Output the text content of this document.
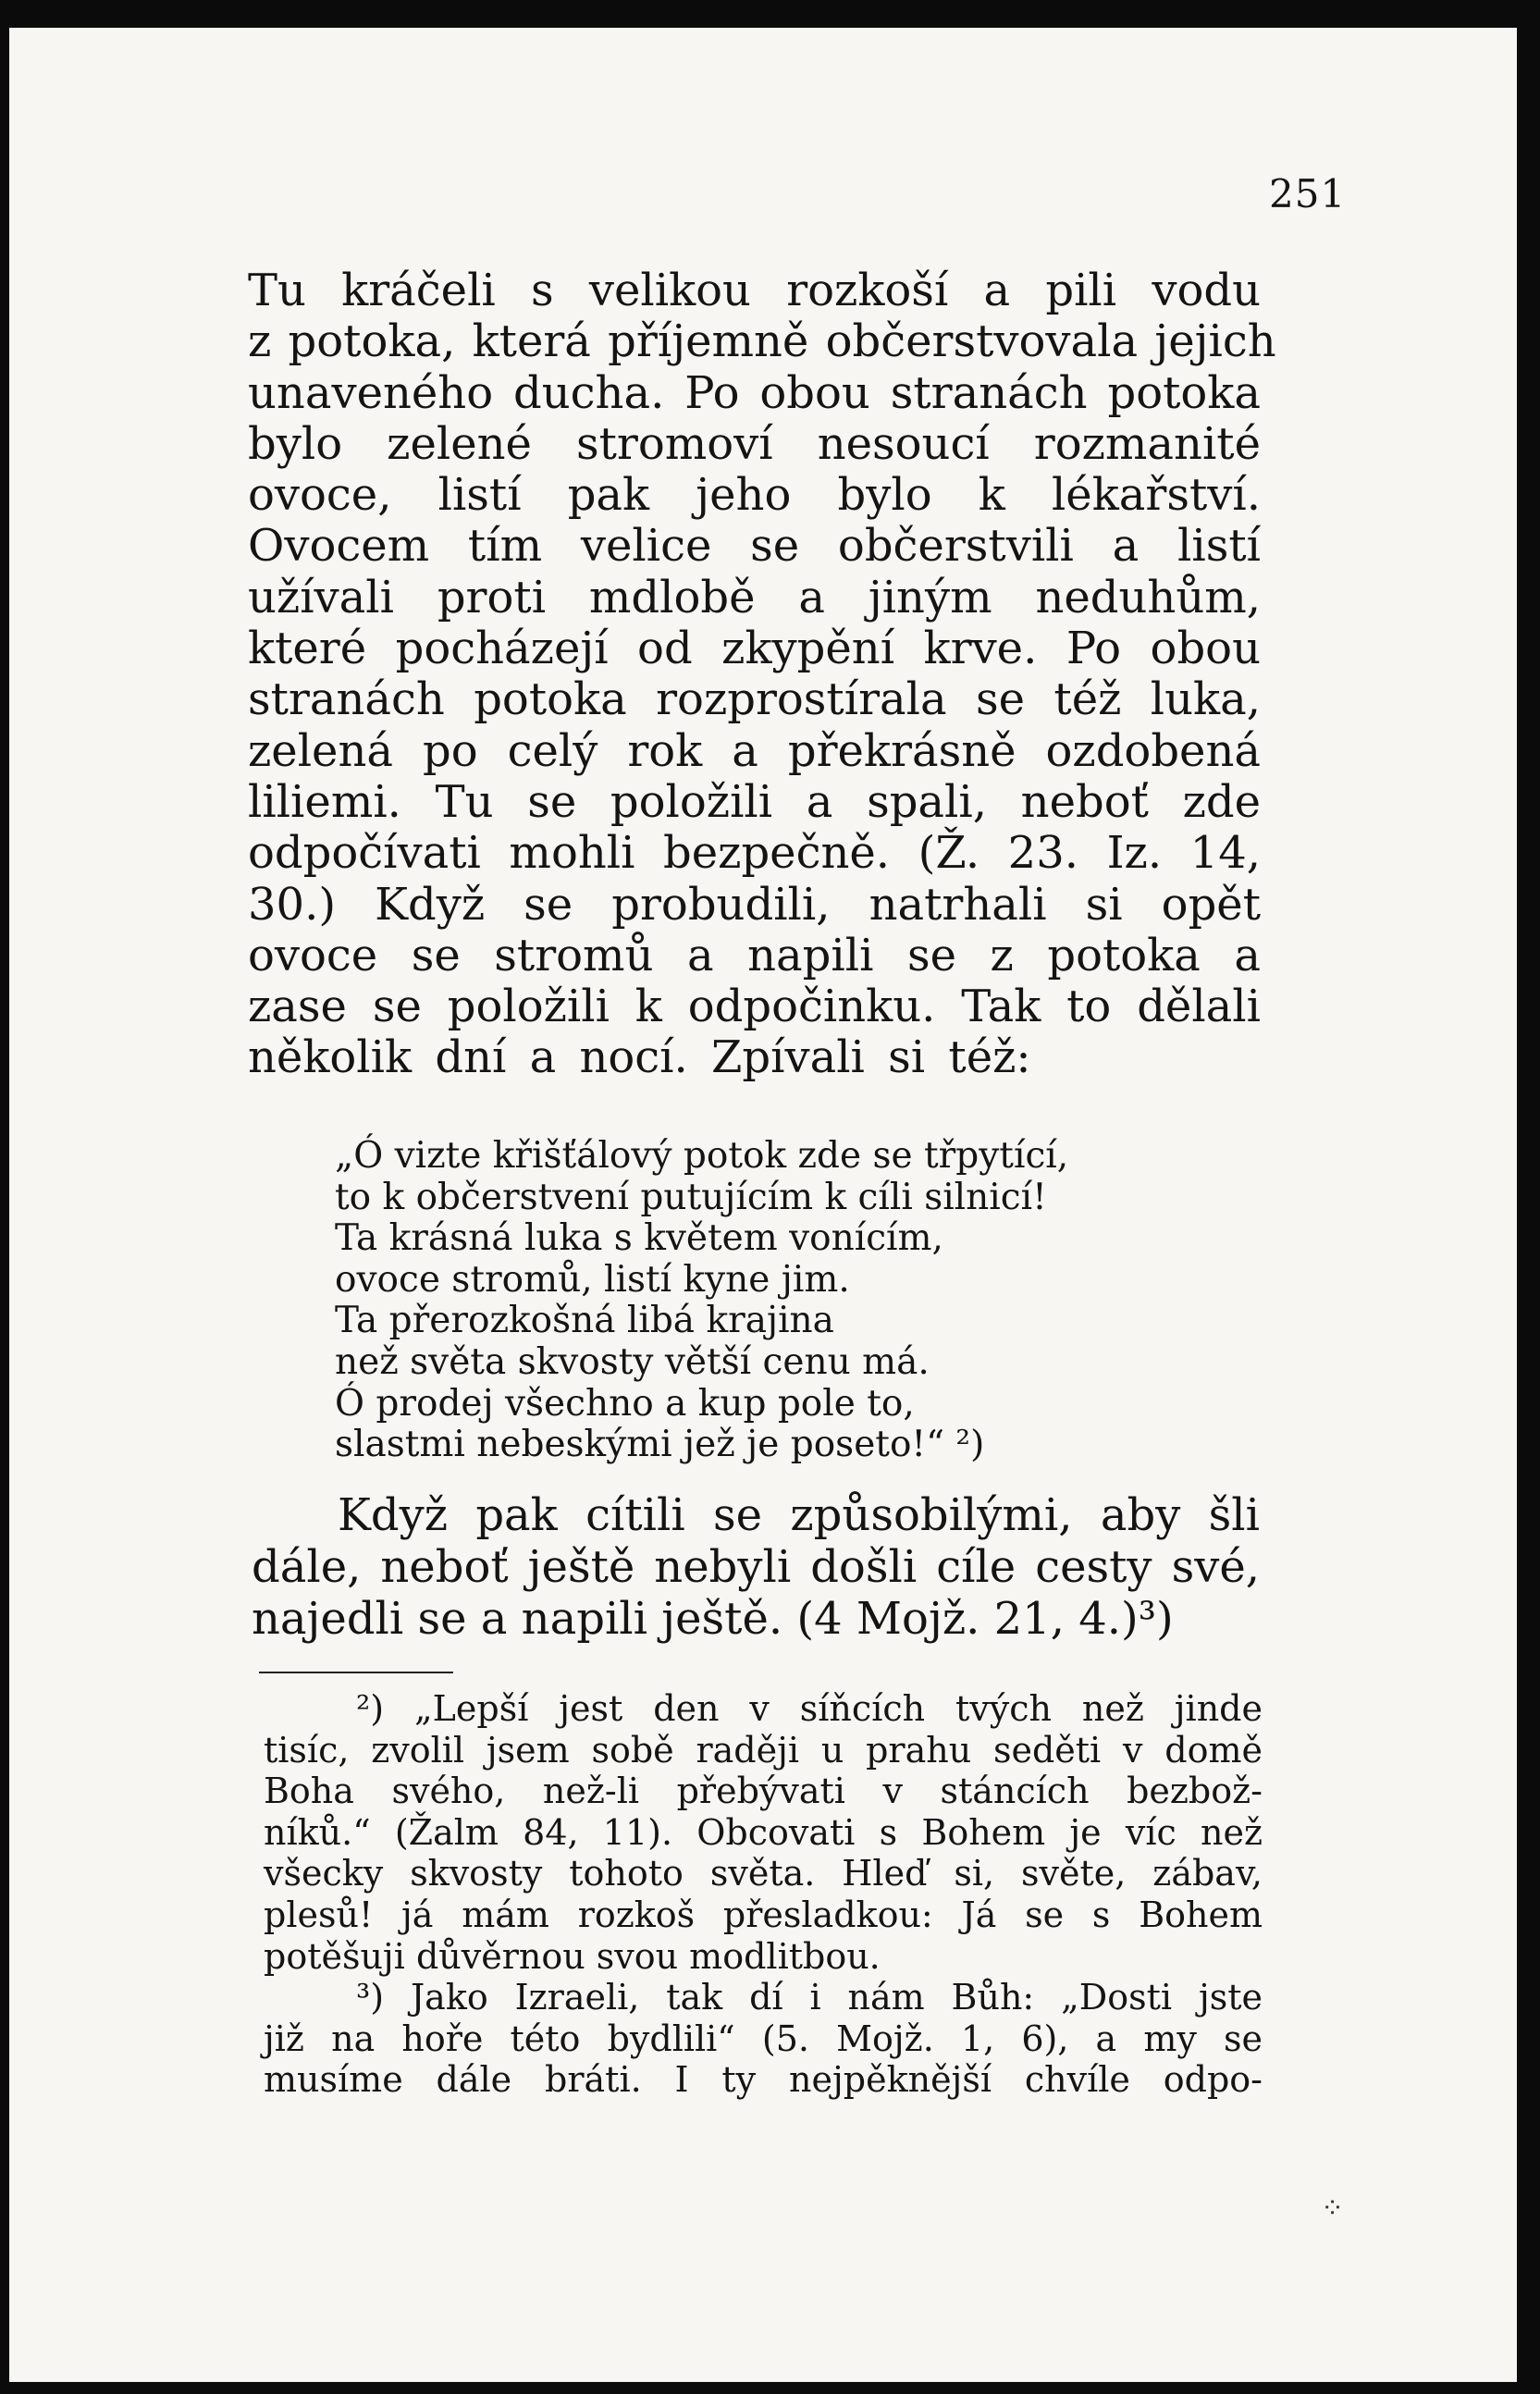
251
Tu kráčeli s velikou rozkoší a pili vodu
z potoka, která příjemně občerstvovala jejich
unaveného ducha. Po obou stranách potoka
bylo zelené stromoví nesoucí rozmanité
ovoce, listí pak jeho bylo k lékařství.
Ovocem tím velice se občerstvili a listí
užívali proti mdlobě a jiným neduhům,
které pocházejí od zkypění krve. Po obou
stranách potoka rozprostírala se též luka,
zelená po celý rok a překrásně ozdobená
liliemi. Tu se položili a spali, neboť zde
odpočívati mohli bezpečně. (Ž. 23. Iz. 14,
30.) Když se probudili, natrhali si opět
ovoce se stromů a napili se z potoka a
zase se položili k odpočinku. Tak to dělali
několik dní a nocí. Zpívali si též:
„Ó vizte křišťálový potok zde se třpytící,
to k občerstvení putujícím k cíli silnicí!
Ta krásná luka s květem vonícím,
ovoce stromů, listí kyne jim.
Ta přerozkošná libá krajina
než světa skvosty větší cenu má.
Ó prodej všechno a kup pole to,
slastmi nebeskými jež je poseto!“ ²)
Když pak cítili se způsobilými, aby šli
dále, neboť ještě nebyli došli cíle cesty své,
najedli se a napili ještě. (4 Mojž. 21, 4.)³)
²) „Lepší jest den v síňcích tvých než jinde
tisíc, zvolil jsem sobě raději u prahu seděti v domě
Boha svého, než-li přebývati v stáncích bezbož-
níků.“ (Žalm 84, 11). Obcovati s Bohem je víc než
všecky skvosty tohoto světa. Hleď si, světe, zábav,
plesů! já mám rozkoš přesladkou: Já se s Bohem
potěšuji důvěrnou svou modlitbou.
³) Jako Izraeli, tak dí i nám Bůh: „Dosti jste
již na hoře této bydlili“ (5. Mojž. 1, 6), a my se
musíme dále bráti. I ty nejpěknější chvíle odpo-
⁘
